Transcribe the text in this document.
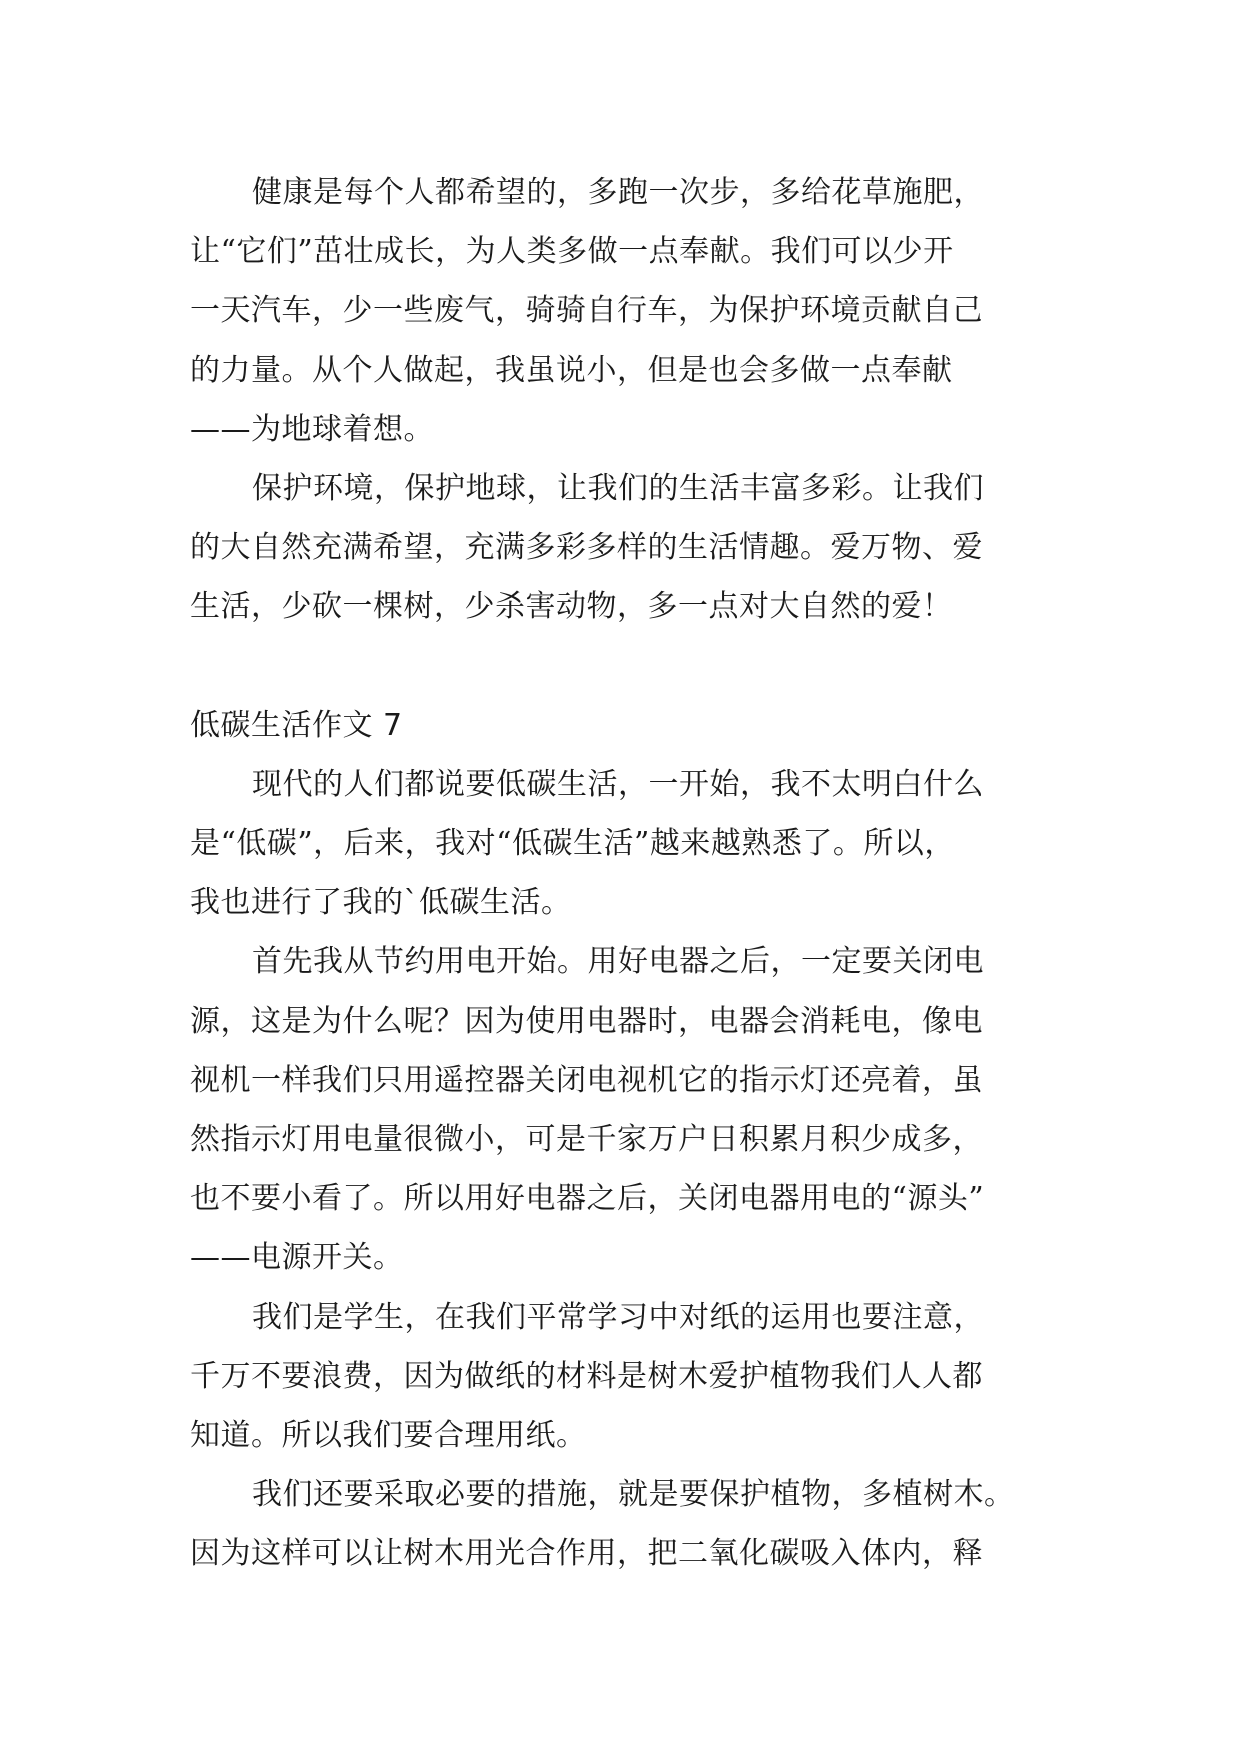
健康是每个人都希望的，多跑一次步，多给花草施肥，
让“它们”茁壮成长，为人类多做一点奉献。我们可以少开
一天汽车，少一些废气，骑骑自行车，为保护环境贡献自己
的力量。从个人做起，我虽说小，但是也会多做一点奉献
——为地球着想。

保护环境，保护地球，让我们的生活丰富多彩。让我们
的大自然充满希望，充满多彩多样的生活情趣。爱万物、爱
生活，少砍一棵树，少杀害动物，多一点对大自然的爱！

低碳生活作文 7

现代的人们都说要低碳生活，一开始，我不太明白什么
是“低碳”，后来，我对“低碳生活”越来越熟悉了。所以，
我也进行了我的`低碳生活。

首先我从节约用电开始。用好电器之后，一定要关闭电
源，这是为什么呢？因为使用电器时，电器会消耗电，像电
视机一样我们只用遥控器关闭电视机它的指示灯还亮着，虽
然指示灯用电量很微小，可是千家万户日积累月积少成多，
也不要小看了。所以用好电器之后，关闭电器用电的“源头”
——电源开关。

我们是学生，在我们平常学习中对纸的运用也要注意，
千万不要浪费，因为做纸的材料是树木爱护植物我们人人都
知道。所以我们要合理用纸。

我们还要采取必要的措施，就是要保护植物，多植树木。
因为这样可以让树木用光合作用，把二氧化碳吸入体内，释
